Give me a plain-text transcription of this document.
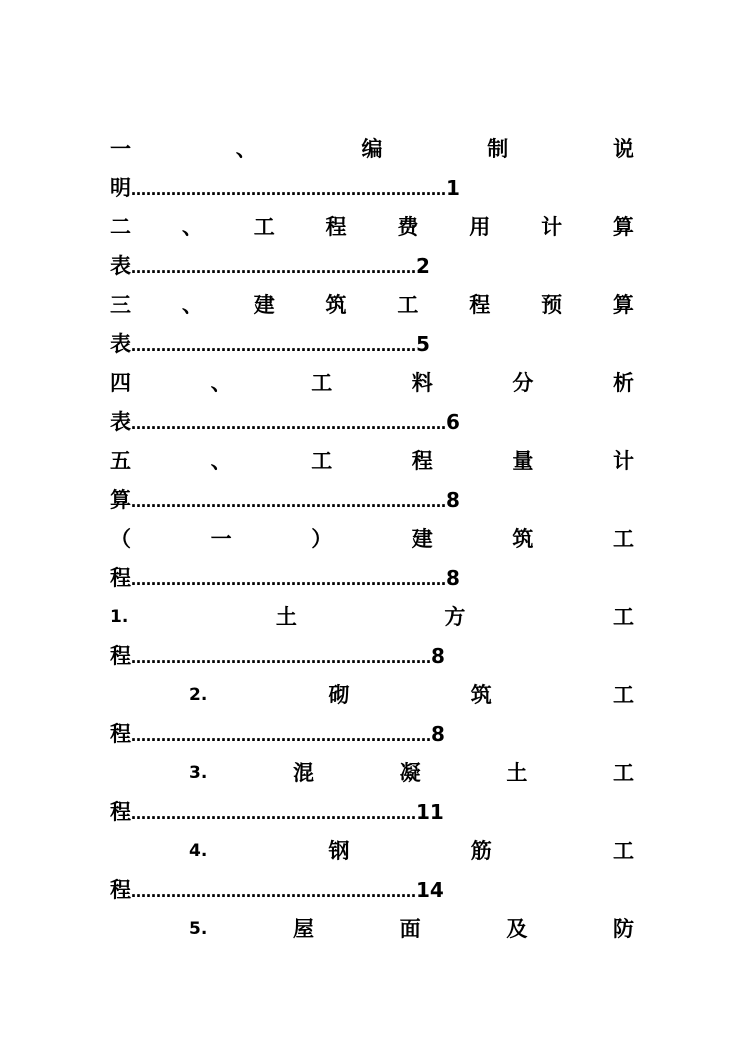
一	、	编	制	说
明………………………………………………………1
二 、 工 程 费 用 计 算
表…………………………………………………2
三 、 建 筑 工 程 预 算
表…………………………………………………5
四	、	工	料	分	析
表………………………………………………………6
五	、	工	程	量	计
算………………………………………………………8
（	一	）	建	筑	工
程………………………………………………………8
1.	土	方	工
程……………………………………………………8
2.	砌	筑	工
程……………………………………………………8
3.	混	凝	土	工
程…………………………………………………11
4.	钢	筋	工
程…………………………………………………14
5.	屋	面	及	防
